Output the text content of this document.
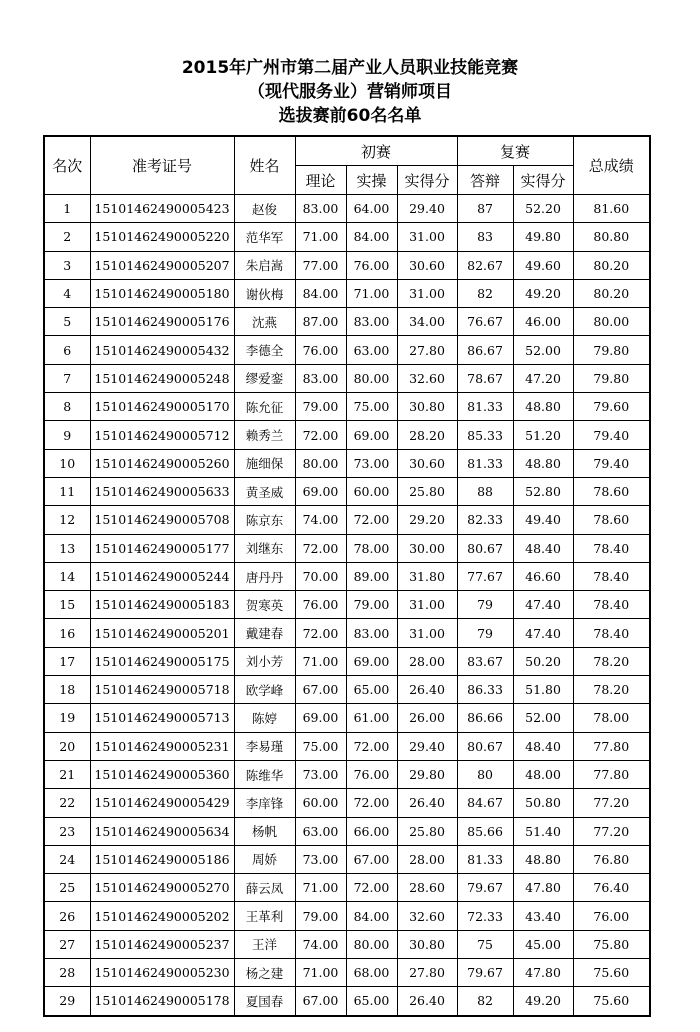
2015年广州市第二届产业人员职业技能竞赛
（现代服务业）营销师项目
选拔赛前60名名单
名次	准考证号	姓名	初赛			复赛		总成绩
			理论	实操	实得分	答辩	实得分	
1	15101462490005423	赵俊	83.00	64.00	29.40	87	52.20	81.60
2	15101462490005220	范华军	71.00	84.00	31.00	83	49.80	80.80
3	15101462490005207	朱启嵩	77.00	76.00	30.60	82.67	49.60	80.20
4	15101462490005180	谢伙梅	84.00	71.00	31.00	82	49.20	80.20
5	15101462490005176	沈燕	87.00	83.00	34.00	76.67	46.00	80.00
6	15101462490005432	李德全	76.00	63.00	27.80	86.67	52.00	79.80
7	15101462490005248	缪爱銮	83.00	80.00	32.60	78.67	47.20	79.80
8	15101462490005170	陈允征	79.00	75.00	30.80	81.33	48.80	79.60
9	15101462490005712	赖秀兰	72.00	69.00	28.20	85.33	51.20	79.40
10	15101462490005260	施细保	80.00	73.00	30.60	81.33	48.80	79.40
11	15101462490005633	黄圣威	69.00	60.00	25.80	88	52.80	78.60
12	15101462490005708	陈京东	74.00	72.00	29.20	82.33	49.40	78.60
13	15101462490005177	刘继东	72.00	78.00	30.00	80.67	48.40	78.40
14	15101462490005244	唐丹丹	70.00	89.00	31.80	77.67	46.60	78.40
15	15101462490005183	贺寒英	76.00	79.00	31.00	79	47.40	78.40
16	15101462490005201	戴建春	72.00	83.00	31.00	79	47.40	78.40
17	15101462490005175	刘小芳	71.00	69.00	28.00	83.67	50.20	78.20
18	15101462490005718	欧学峰	67.00	65.00	26.40	86.33	51.80	78.20
19	15101462490005713	陈婷	69.00	61.00	26.00	86.66	52.00	78.00
20	15101462490005231	李易瑾	75.00	72.00	29.40	80.67	48.40	77.80
21	15101462490005360	陈维华	73.00	76.00	29.80	80	48.00	77.80
22	15101462490005429	李庠锋	60.00	72.00	26.40	84.67	50.80	77.20
23	15101462490005634	杨帆	63.00	66.00	25.80	85.66	51.40	77.20
24	15101462490005186	周娇	73.00	67.00	28.00	81.33	48.80	76.80
25	15101462490005270	薛云凤	71.00	72.00	28.60	79.67	47.80	76.40
26	15101462490005202	王革利	79.00	84.00	32.60	72.33	43.40	76.00
27	15101462490005237	王洋	74.00	80.00	30.80	75	45.00	75.80
28	15101462490005230	杨之建	71.00	68.00	27.80	79.67	47.80	75.60
29	15101462490005178	夏国春	67.00	65.00	26.40	82	49.20	75.60
